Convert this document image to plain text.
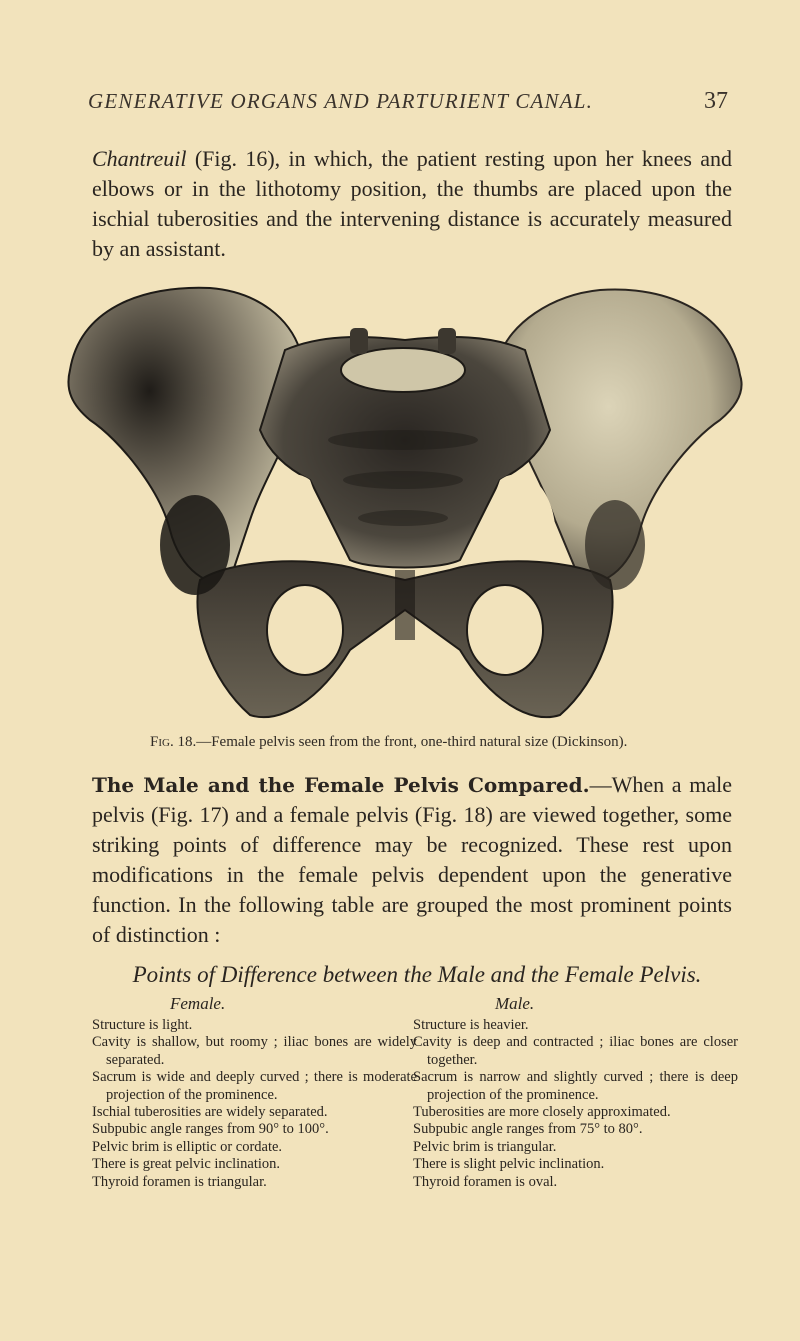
GENERATIVE ORGANS AND PARTURIENT CANAL.	37

Chantreuil (Fig. 16), in which, the patient resting upon her knees and elbows or in the lithotomy position, the thumbs are placed upon the ischial tuberosities and the intervening distance is accurately measured by an assistant.

Fig. 18.—Female pelvis seen from the front, one-third natural size (Dickinson).

The Male and the Female Pelvis Compared.—When a male pelvis (Fig. 17) and a female pelvis (Fig. 18) are viewed together, some striking points of difference may be recognized. These rest upon modifications in the female pelvis dependent upon the generative function. In the following table are grouped the most prominent points of distinction :

Points of Difference between the Male and the Female Pelvis.
Female.	Male.
Structure is light.
Cavity is shallow, but roomy ; iliac bones are widely separated.
Sacrum is wide and deeply curved ; there is moderate projection of the prominence.
Ischial tuberosities are widely separated.
Subpubic angle ranges from 90° to 100°.
Pelvic brim is elliptic or cordate.
There is great pelvic inclination.
Thyroid foramen is triangular.
Structure is heavier.
Cavity is deep and contracted ; iliac bones are closer together.
Sacrum is narrow and slightly curved ; there is deep projection of the prominence.
Tuberosities are more closely approximated.
Subpubic angle ranges from 75° to 80°.
Pelvic brim is triangular.
There is slight pelvic inclination.
Thyroid foramen is oval.
